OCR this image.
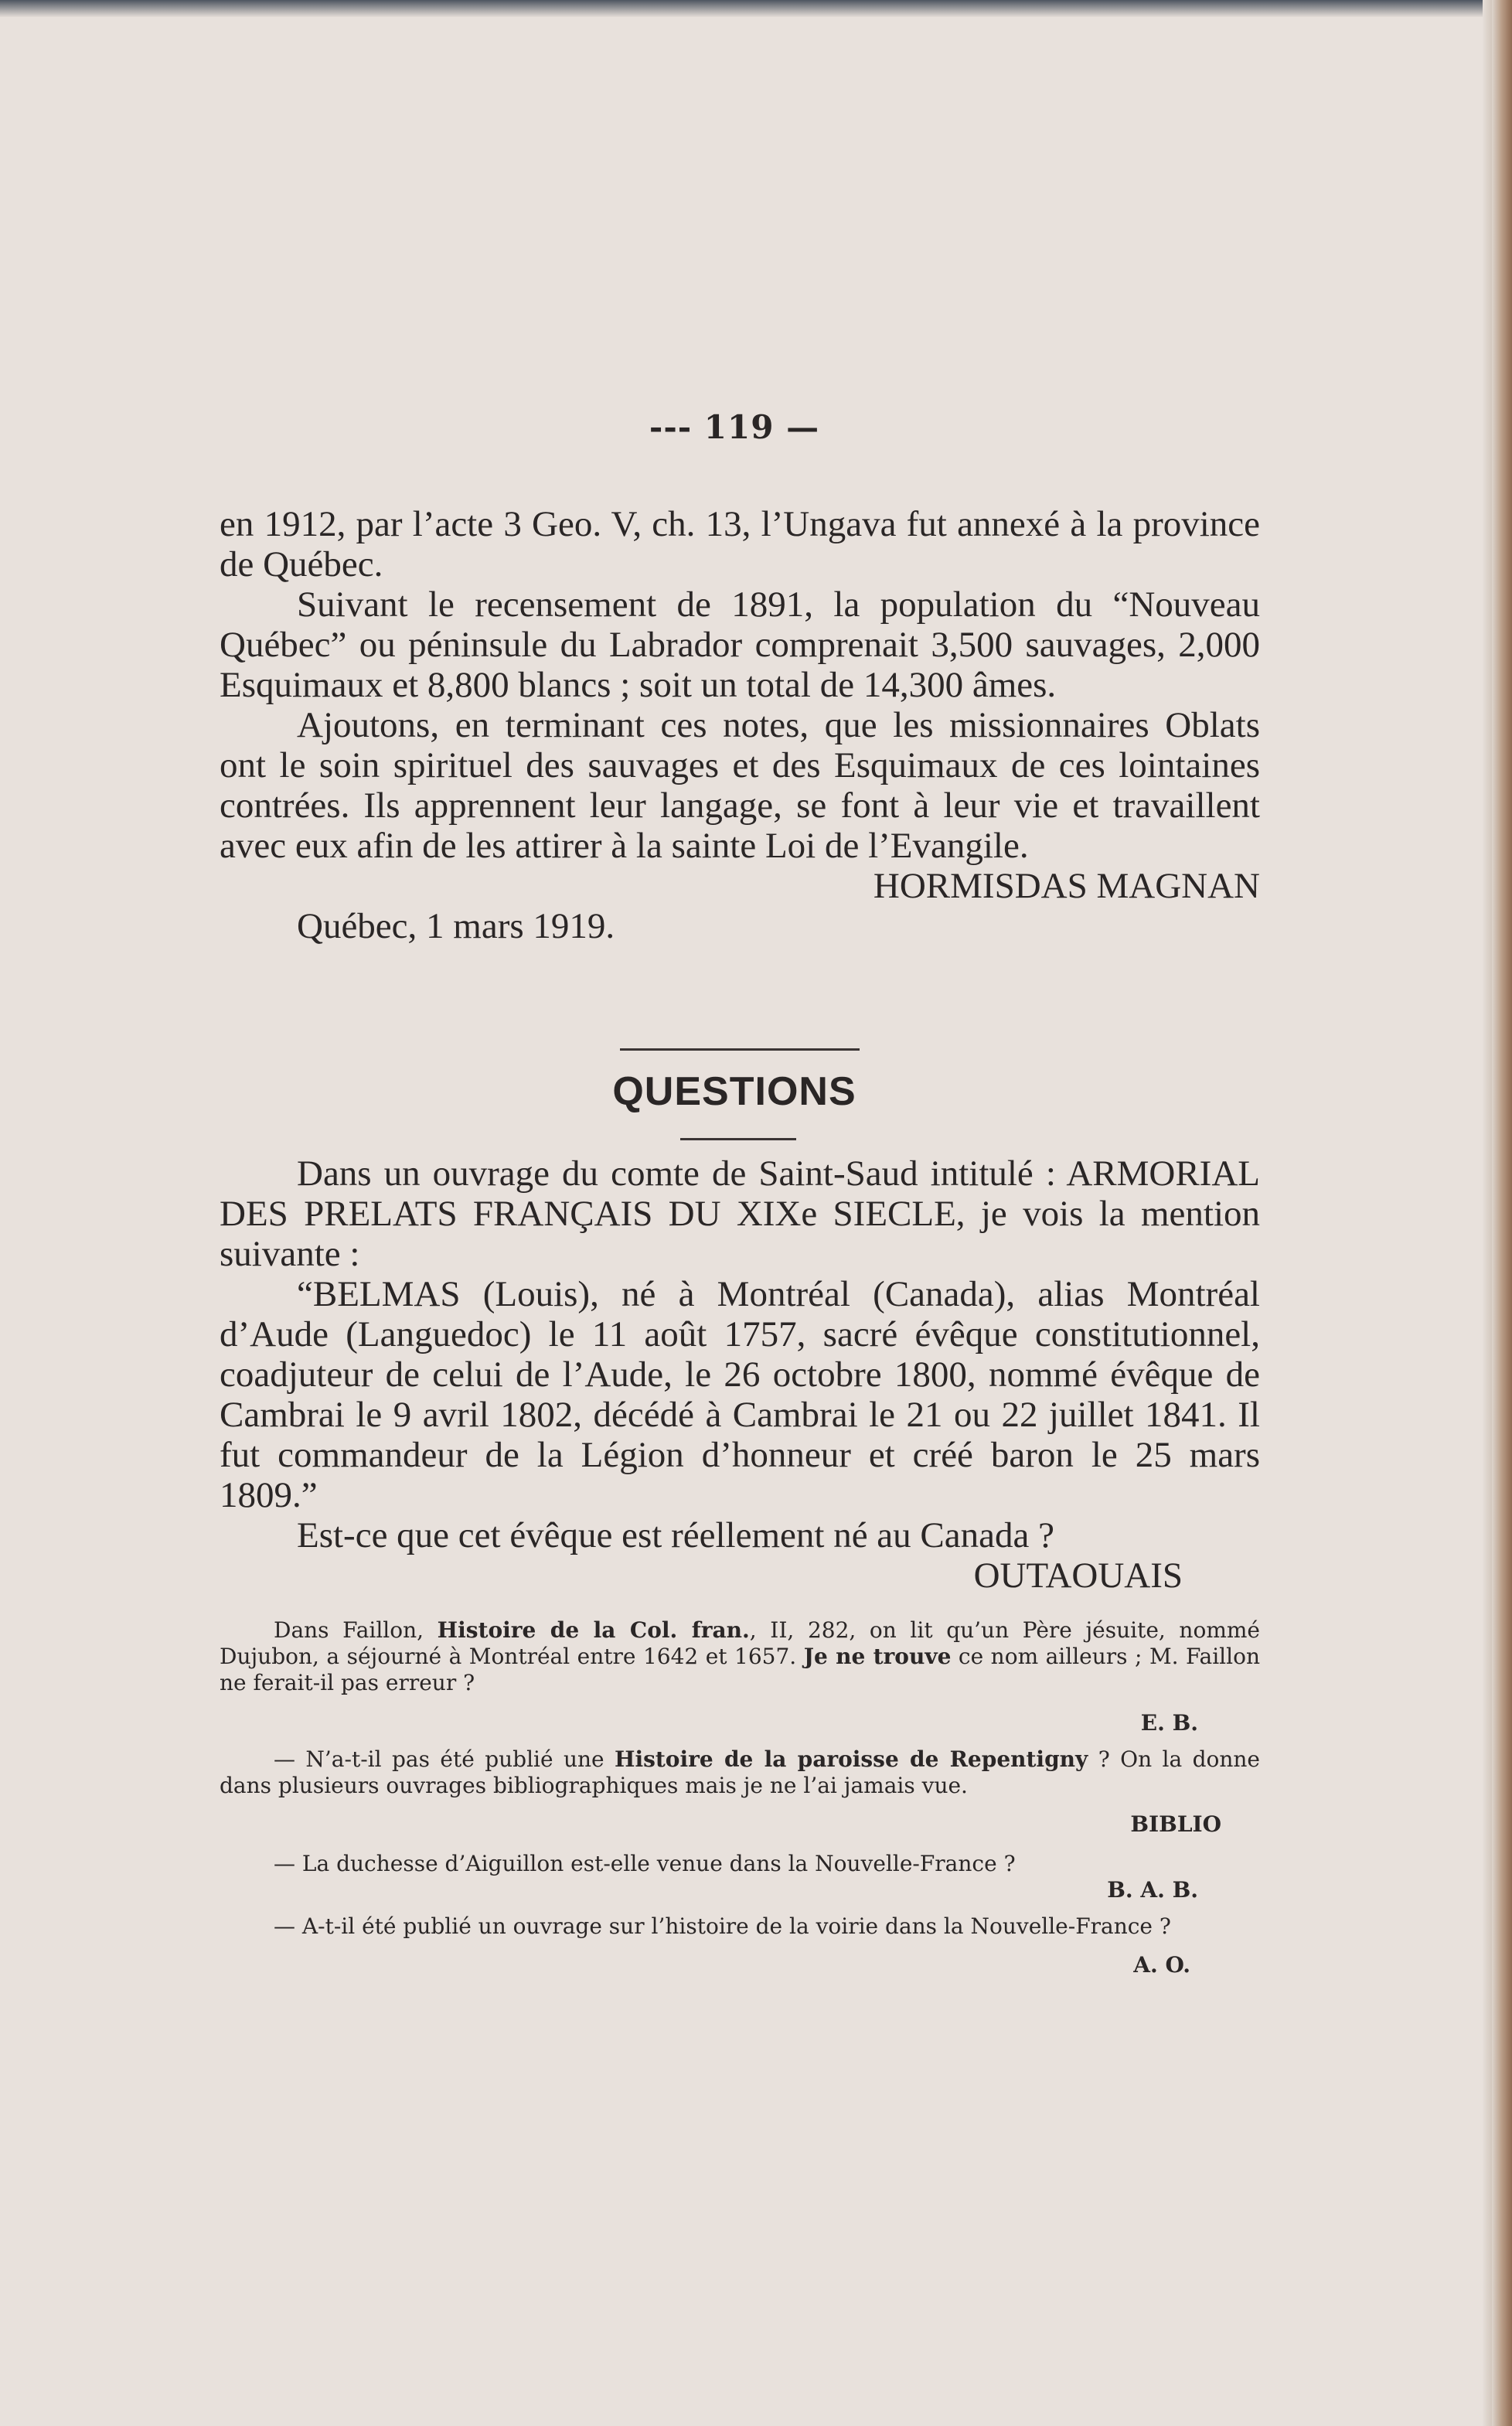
--- 119 —

en 1912, par l’acte 3 Geo. V, ch. 13, l’Ungava fut annexé à la province de Québec.

Suivant le recensement de 1891, la population du “Nouveau Québec” ou péninsule du Labrador comprenait 3,500 sauvages, 2,000 Esquimaux et 8,800 blancs ; soit un total de 14,300 âmes.

Ajoutons, en terminant ces notes, que les missionnaires Oblats ont le soin spirituel des sauvages et des Esquimaux de ces lointaines contrées. Ils apprennent leur langage, se font à leur vie et travaillent avec eux afin de les attirer à la sainte Loi de l’Evangile.

HORMISDAS MAGNAN

Québec, 1 mars 1919.

QUESTIONS

Dans un ouvrage du comte de Saint-Saud intitulé : ARMORIAL DES PRELATS FRANÇAIS DU XIXe SIECLE, je vois la mention suivante :

“BELMAS (Louis), né à Montréal (Canada), alias Montréal d’Aude (Languedoc) le 11 août 1757, sacré évêque constitutionnel, coadjuteur de celui de l’Aude, le 26 octobre 1800, nommé évêque de Cambrai le 9 avril 1802, décédé à Cambrai le 21 ou 22 juillet 1841. Il fut commandeur de la Légion d’honneur et créé baron le 25 mars 1809.”

Est-ce que cet évêque est réellement né au Canada ?

OUTAOUAIS

Dans Faillon, Histoire de la Col. fran., II, 282, on lit qu’un Père jésuite, nommé Dujubon, a séjourné à Montréal entre 1642 et 1657. Je ne trouve ce nom ailleurs ; M. Faillon ne ferait-il pas erreur ?

E. B.

— N’a-t-il pas été publié une Histoire de la paroisse de Repentigny ? On la donne dans plusieurs ouvrages bibliographiques mais je ne l’ai jamais vue.

BIBLIO

— La duchesse d’Aiguillon est-elle venue dans la Nouvelle-France ?

B. A. B.

— A-t-il été publié un ouvrage sur l’histoire de la voirie dans la Nouvelle-France ?

A. O.
